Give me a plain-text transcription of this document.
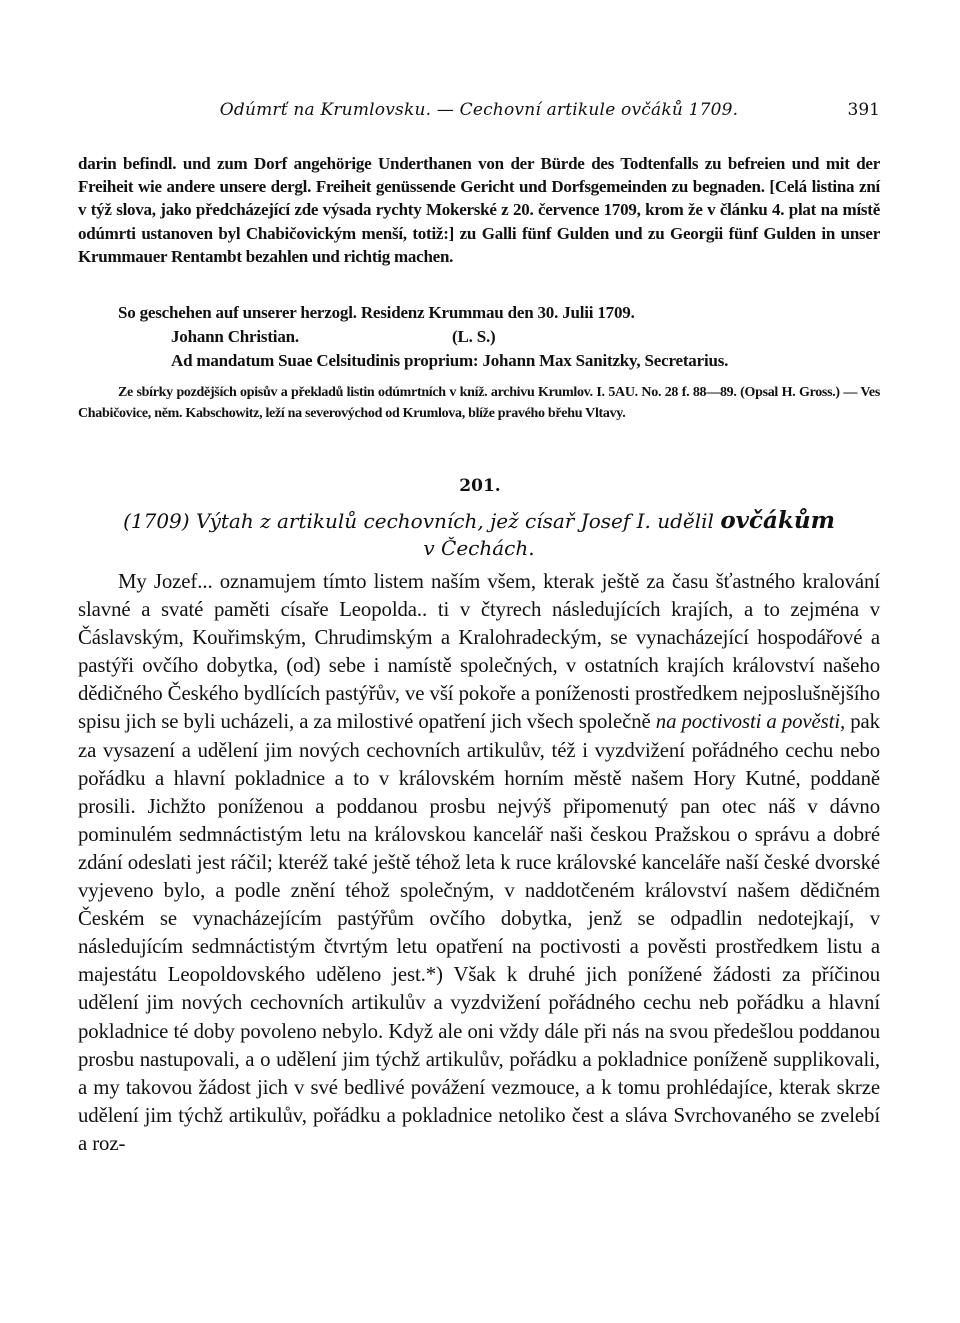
Odúmrť na Krumlovsku. — Cechovní artikule ovčáků 1709.	391

darin befindl. und zum Dorf angehörige Underthanen von der Bürde des Todtenfalls zu befreien und mit der Freiheit wie andere unsere dergl. Freiheit genüssende Gericht und Dorfsgemeinden zu begnaden. [Celá listina zní v týž slova, jako předcházející zde výsada rychty Mokerské z 20. července 1709, krom že v článku 4. plat na místě odúmrti ustanoven byl Chabičovickým menší, totiž:] zu Galli fünf Gulden und zu Georgii fünf Gulden in unser Krummauer Rentambt bezahlen und richtig machen.

So geschehen auf unserer herzogl. Residenz Krummau den 30. Julii 1709.
Johann Christian.	(L. S.)
Ad mandatum Suae Celsitudinis proprium: Johann Max Sanitzky, Secretarius.

Ze sbírky pozdějších opisův a překladů listin odúmrtních v kníž. archivu Krumlov. I. 5AU. No. 28 f. 88—89. (Opsal H. Gross.) — Ves Chabičovice, něm. Kabschowitz, leží na severovýchod od Krumlova, blíže pravého břehu Vltavy.

201.
(1709) Výtah z artikulů cechovních, jež císař Josef I. udělil ovčákům
v Čechách.

My Jozef... oznamujem tímto listem naším všem, kterak ještě za času šťastného kralování slavné a svaté paměti císaře Leopolda.. ti v čtyrech následujících krajích, a to zejména v Čáslavským, Kouřimským, Chrudimským a Kralohradeckým, se vynacházející hospodářové a pastýři ovčího dobytka, (od) sebe i namístě společných, v ostatních krajích království našeho dědičného Českého bydlících pastýřův, ve vší pokoře a poníženosti prostředkem nejposlušnějšího spisu jich se byli ucházeli, a za milostivé opatření jich všech společně na poctivosti a pověsti, pak za vysazení a udělení jim nových cechovních artikulův, též i vyzdvižení pořádného cechu nebo pořádku a hlavní pokladnice a to v královském horním městě našem Hory Kutné, poddaně prosili. Jichžto poníženou a poddanou prosbu nejvýš připomenutý pan otec náš v dávno pominulém sedmnáctistým letu na královskou kancelář naši českou Pražskou o správu a dobré zdání odeslati jest ráčil; kteréž také ještě téhož leta k ruce královské kanceláře naší české dvorské vyjeveno bylo, a podle znění téhož společným, v naddotčeném království našem dědičném Českém se vynacházejícím pastýřům ovčího dobytka, jenž se odpadlin nedotejkají, v následujícím sedmnáctistým čtvrtým letu opatření na poctivosti a pověsti prostředkem listu a majestátu Leopoldovského uděleno jest.*) Však k druhé jich ponížené žádosti za příčinou udělení jim nových cechovních artikulův a vyzdvižení pořádného cechu neb pořádku a hlavní pokladnice té doby povoleno nebylo. Když ale oni vždy dále při nás na svou předešlou poddanou prosbu nastupovali, a o udělení jim týchž artikulův, pořádku a pokladnice poníženě supplikovali, a my takovou žádost jich v své bedlivé povážení vezmouce, a k tomu prohlédajíce, kterak skrze udělení jim týchž artikulův, pořádku a pokladnice netoliko čest a sláva Svrchovaného se zvelebí a roz-
